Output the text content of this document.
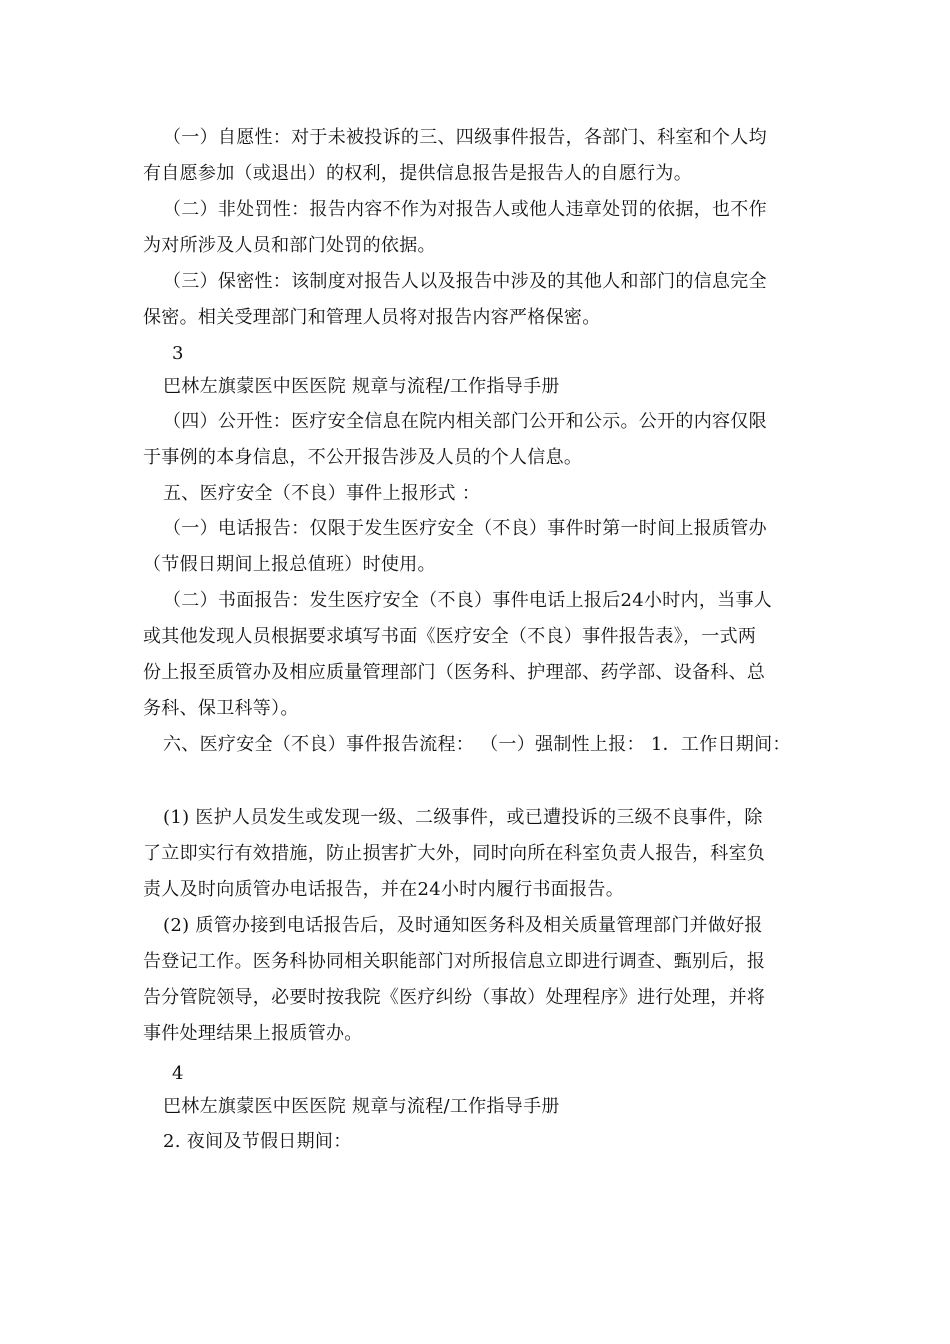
（一）自愿性：对于未被投诉的三、四级事件报告，各部门、科室和个人均
有自愿参加（或退出）的权利，提供信息报告是报告人的自愿行为。
（二）非处罚性：报告内容不作为对报告人或他人违章处罚的依据，也不作
为对所涉及人员和部门处罚的依据。
（三）保密性：该制度对报告人以及报告中涉及的其他人和部门的信息完全
保密。相关受理部门和管理人员将对报告内容严格保密。
3
巴林左旗蒙医中医医院 规章与流程/工作指导手册
（四）公开性：医疗安全信息在院内相关部门公开和公示。公开的内容仅限
于事例的本身信息，不公开报告涉及人员的个人信息。
五、医疗安全（不良）事件上报形式 ：
（一）电话报告：仅限于发生医疗安全（不良）事件时第一时间上报质管办
（节假日期间上报总值班）时使用。
（二）书面报告：发生医疗安全（不良）事件电话上报后24小时内，当事人
或其他发现人员根据要求填写书面《医疗安全（不良）事件报告表》，一式两
份上报至质管办及相应质量管理部门（医务科、护理部、药学部、设备科、总
务科、保卫科等）。
六、医疗安全（不良）事件报告流程： （一）强制性上报： 1．工作日期间：
(1) 医护人员发生或发现一级、二级事件，或已遭投诉的三级不良事件，除
了立即实行有效措施，防止损害扩大外，同时向所在科室负责人报告，科室负
责人及时向质管办电话报告，并在24小时内履行书面报告。
(2) 质管办接到电话报告后，及时通知医务科及相关质量管理部门并做好报
告登记工作。医务科协同相关职能部门对所报信息立即进行调查、甄别后，报
告分管院领导，必要时按我院《医疗纠纷（事故）处理程序》进行处理，并将
事件处理结果上报质管办。
4
巴林左旗蒙医中医医院 规章与流程/工作指导手册
2. 夜间及节假日期间：
